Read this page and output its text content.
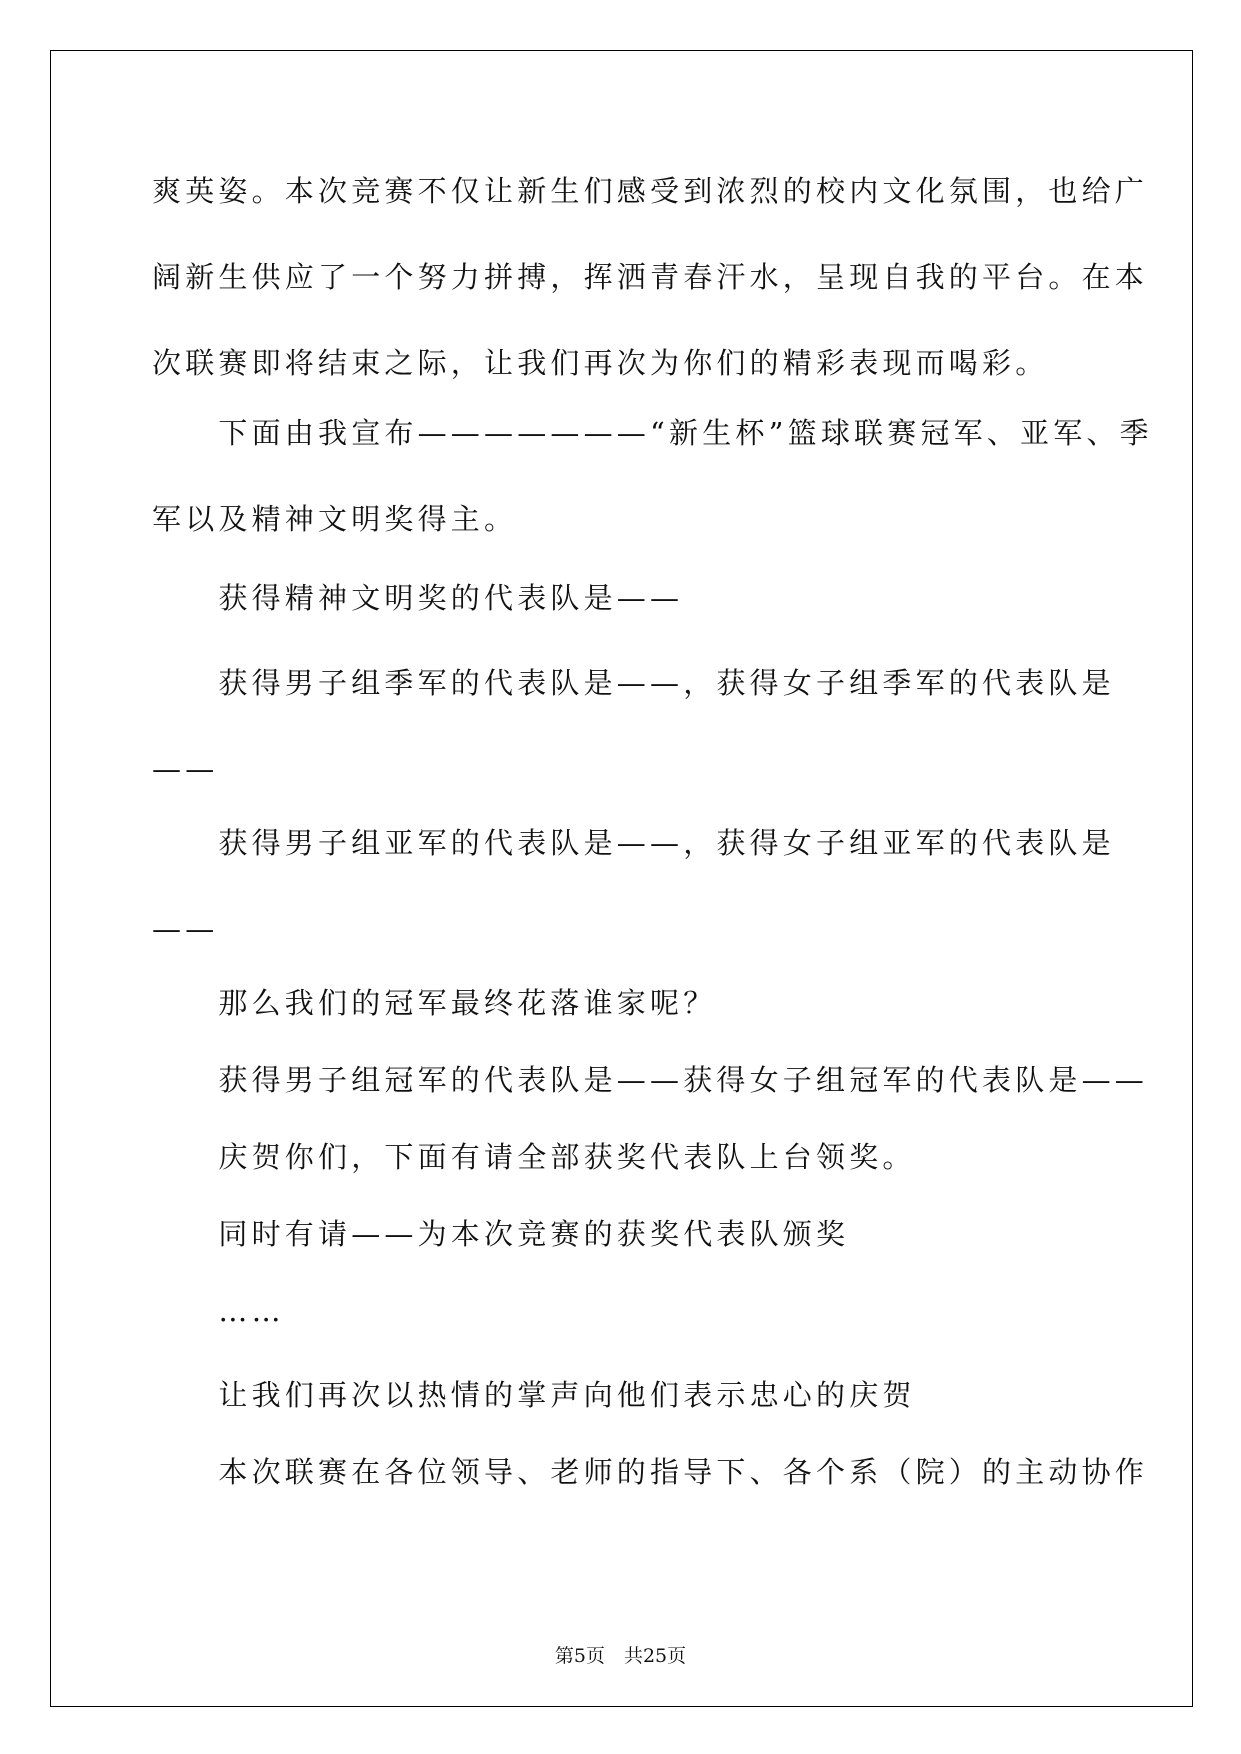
爽英姿。本次竞赛不仅让新生们感受到浓烈的校内文化氛围，也给广
阔新生供应了一个努力拼搏，挥洒青春汗水，呈现自我的平台。在本
次联赛即将结束之际，让我们再次为你们的精彩表现而喝彩。

　　下面由我宣布———————“新生杯”篮球联赛冠军、亚军、季
军以及精神文明奖得主。

　　获得精神文明奖的代表队是——

　　获得男子组季军的代表队是——，获得女子组季军的代表队是
——

　　获得男子组亚军的代表队是——，获得女子组亚军的代表队是
——

　　那么我们的冠军最终花落谁家呢？

　　获得男子组冠军的代表队是——获得女子组冠军的代表队是——

　　庆贺你们，下面有请全部获奖代表队上台领奖。

　　同时有请——为本次竞赛的获奖代表队颁奖

　　……

　　让我们再次以热情的掌声向他们表示忠心的庆贺

　　本次联赛在各位领导、老师的指导下、各个系（院）的主动协作

第5页　共25页
